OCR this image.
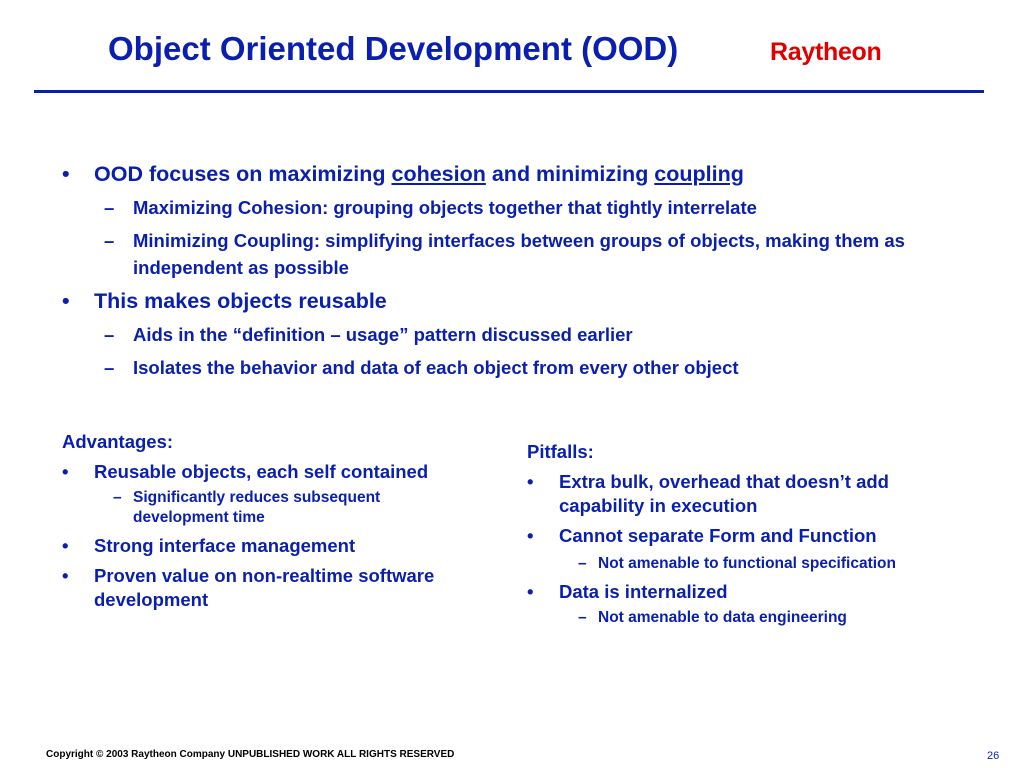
Object Oriented Development (OOD)	Raytheon
• OOD focuses on maximizing cohesion and minimizing coupling
– Maximizing Cohesion: grouping objects together that tightly interrelate
– Minimizing Coupling: simplifying interfaces between groups of objects, making them as independent as possible
• This makes objects reusable
– Aids in the “definition – usage” pattern discussed earlier
– Isolates the behavior and data of each object from every other object
Advantages:
• Reusable objects, each self contained
– Significantly reduces subsequent development time
• Strong interface management
• Proven value on non-realtime software development
Pitfalls:
• Extra bulk, overhead that doesn’t add capability in execution
• Cannot separate Form and Function
– Not amenable to functional specification
• Data is internalized
– Not amenable to data engineering
Copyright © 2003 Raytheon Company UNPUBLISHED WORK ALL RIGHTS RESERVED	26
